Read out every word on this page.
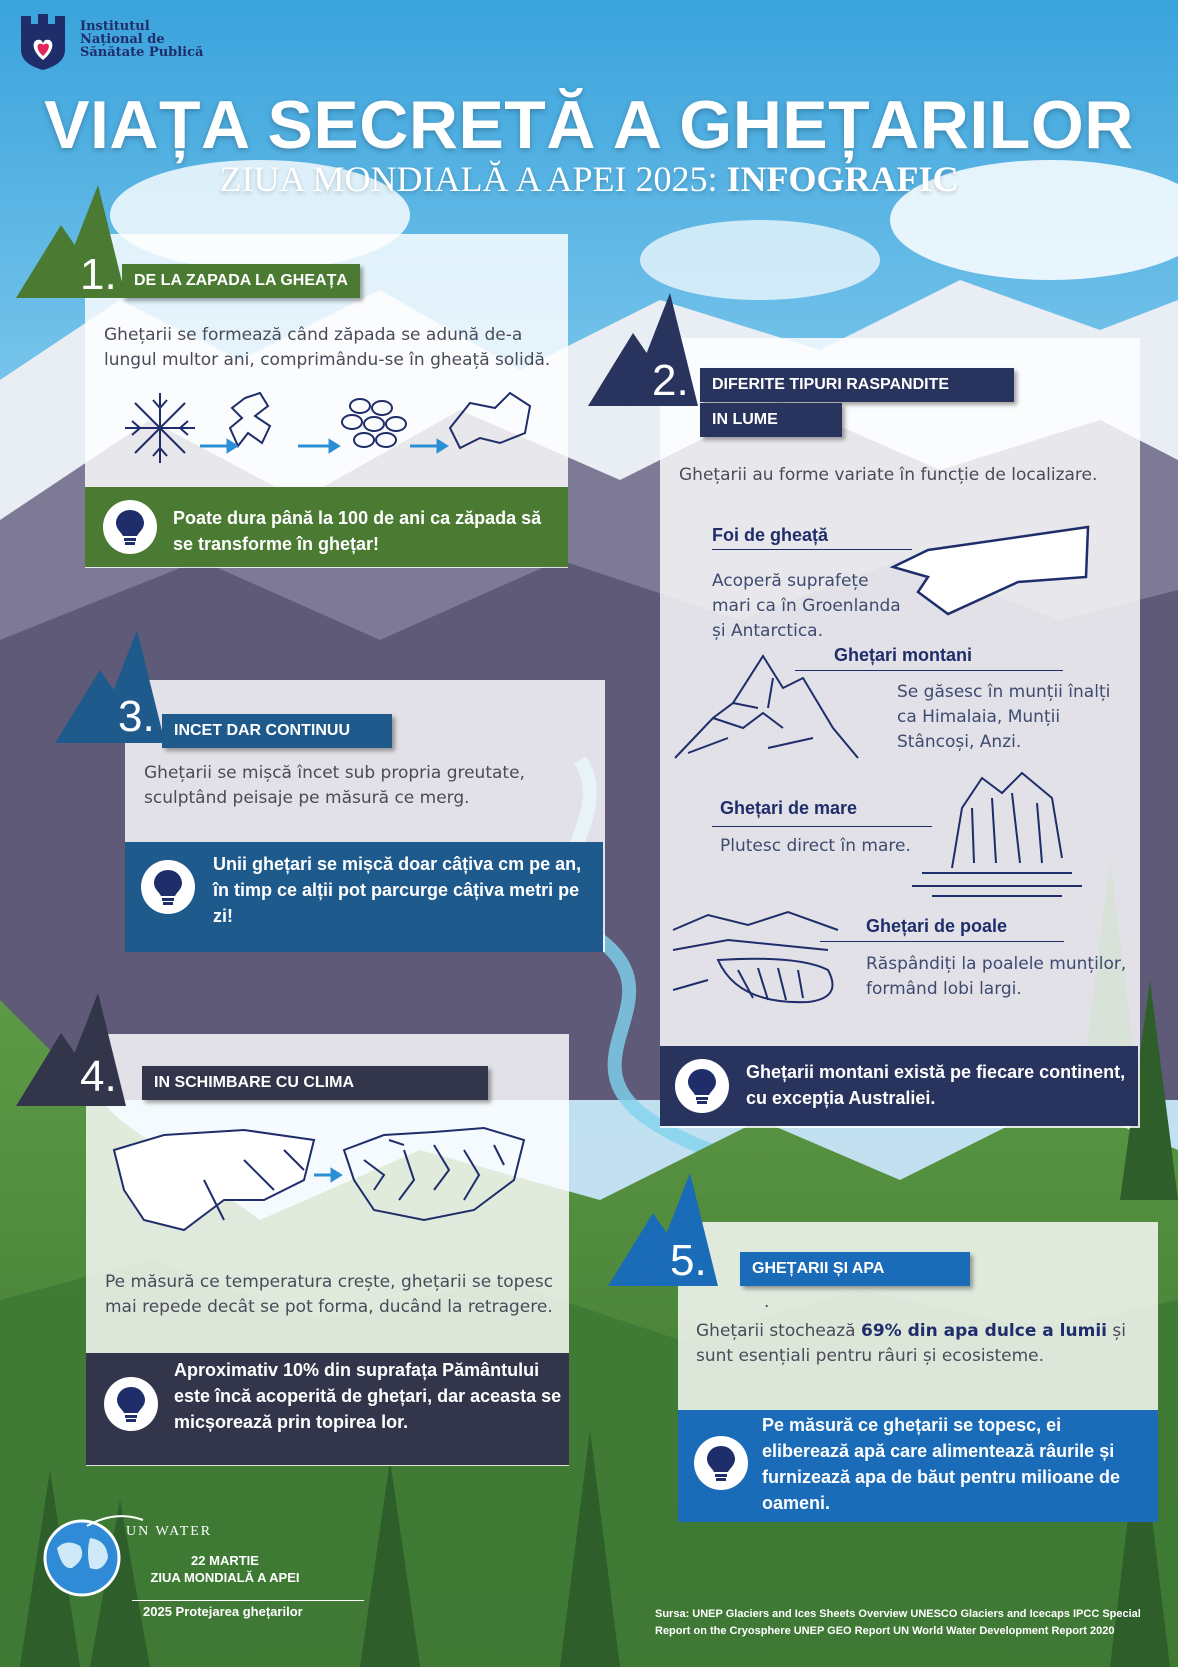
Institutul
Național de
Sănătate Publică
VIAȚA SECRETĂ A GHEȚARILOR
ZIUA MONDIALĂ A APEI 2025: INFOGRAFIC
1.	DE LA ZAPADA LA GHEAȚA
Ghețarii se formează când zăpada se adună de-a lungul multor ani, comprimându-se în gheață solidă.
Poate dura până la 100 de ani ca zăpada să se transforme în ghețar!
2.	DIFERITE TIPURI RASPANDITE
IN LUME
Ghețarii au forme variate în funcție de localizare.
Foi de gheață
Acoperă suprafețe mari ca în Groenlanda și Antarctica.
Ghețari montani
Se găsesc în munții înalți ca Himalaia, Munții Stâncoși, Anzi.
Ghețari de mare
Plutesc direct în mare.
Ghețari de poale
Răspândiți la poalele munților, formând lobi largi.
Ghețarii montani există pe fiecare continent, cu excepția Australiei.
3.	INCET DAR CONTINUU
Ghețarii se mișcă încet sub propria greutate, sculptând peisaje pe măsură ce merg.
Unii ghețari se mișcă doar câțiva cm pe an, în timp ce alții pot parcurge câțiva metri pe zi!
4.	IN SCHIMBARE CU CLIMA
Pe măsură ce temperatura crește, ghețarii se topesc mai repede decât se pot forma, ducând la retragere.
Aproximativ 10% din suprafața Pământului este încă acoperită de ghețari, dar aceasta se micșorează prin topirea lor.
5.	GHEȚARII ȘI APA
.
Ghețarii stochează 69% din apa dulce a lumii și sunt esențiali pentru râuri și ecosisteme.
Pe măsură ce ghețarii se topesc, ei eliberează apă care alimentează râurile și furnizează apa de băut pentru milioane de oameni.
UN WATER
22 MARTIE
ZIUA MONDIALĂ A APEI
2025 Protejarea ghețarilor	Sursa: UNEP Glaciers and Ices Sheets Overview UNESCO Glaciers and Icecaps IPCC Special
Report on the Cryosphere UNEP GEO Report UN World Water Development Report 2020
